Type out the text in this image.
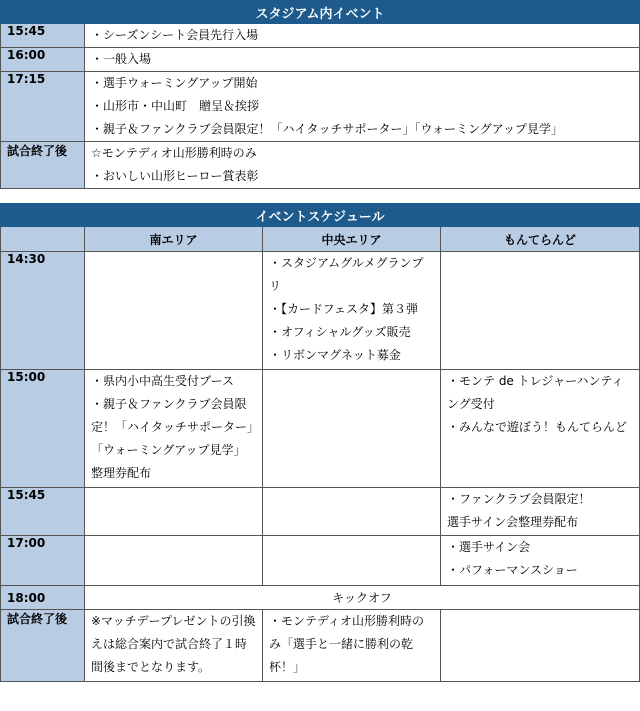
スタジアム内イベント	
15:45	・シーズンシート会員先行入場

16:00	・一般入場

17:15	・選手ウォーミングアップ開始
・山形市・中山町　贈呈＆挨拶
・親子＆ファンクラブ会員限定！「ハイタッチサポーター」「ウォーミングアップ見学」

試合終了後	☆モンテディオ山形勝利時のみ
・おいしい山形ヒーロー賞表彰
イベントスケジュール			
	南エリア	中央エリア	もんてらんど
14:30		・スタジアムグルメグランプリ
・【カードフェスタ】第３弾
・オフィシャルグッズ販売
・リボンマグネット募金	

15:00	・県内小中高生受付ブース
・親子＆ファンクラブ会員限定！「ハイタッチサポーター」「ウォーミングアップ見学」整理券配布		・モンテ de トレジャーハンティング受付
・みんなで遊ぼう！もんてらんど

15:45			・ファンクラブ会員限定！
選手サイン会整理券配布

17:00			・選手サイン会
・パフォーマンスショー

18:00	キックオフ		
試合終了後	※マッチデープレゼントの引換えは総合案内で試合終了１時間後までとなります。	・モンテディオ山形勝利時のみ「選手と一緒に勝利の乾杯！」	
